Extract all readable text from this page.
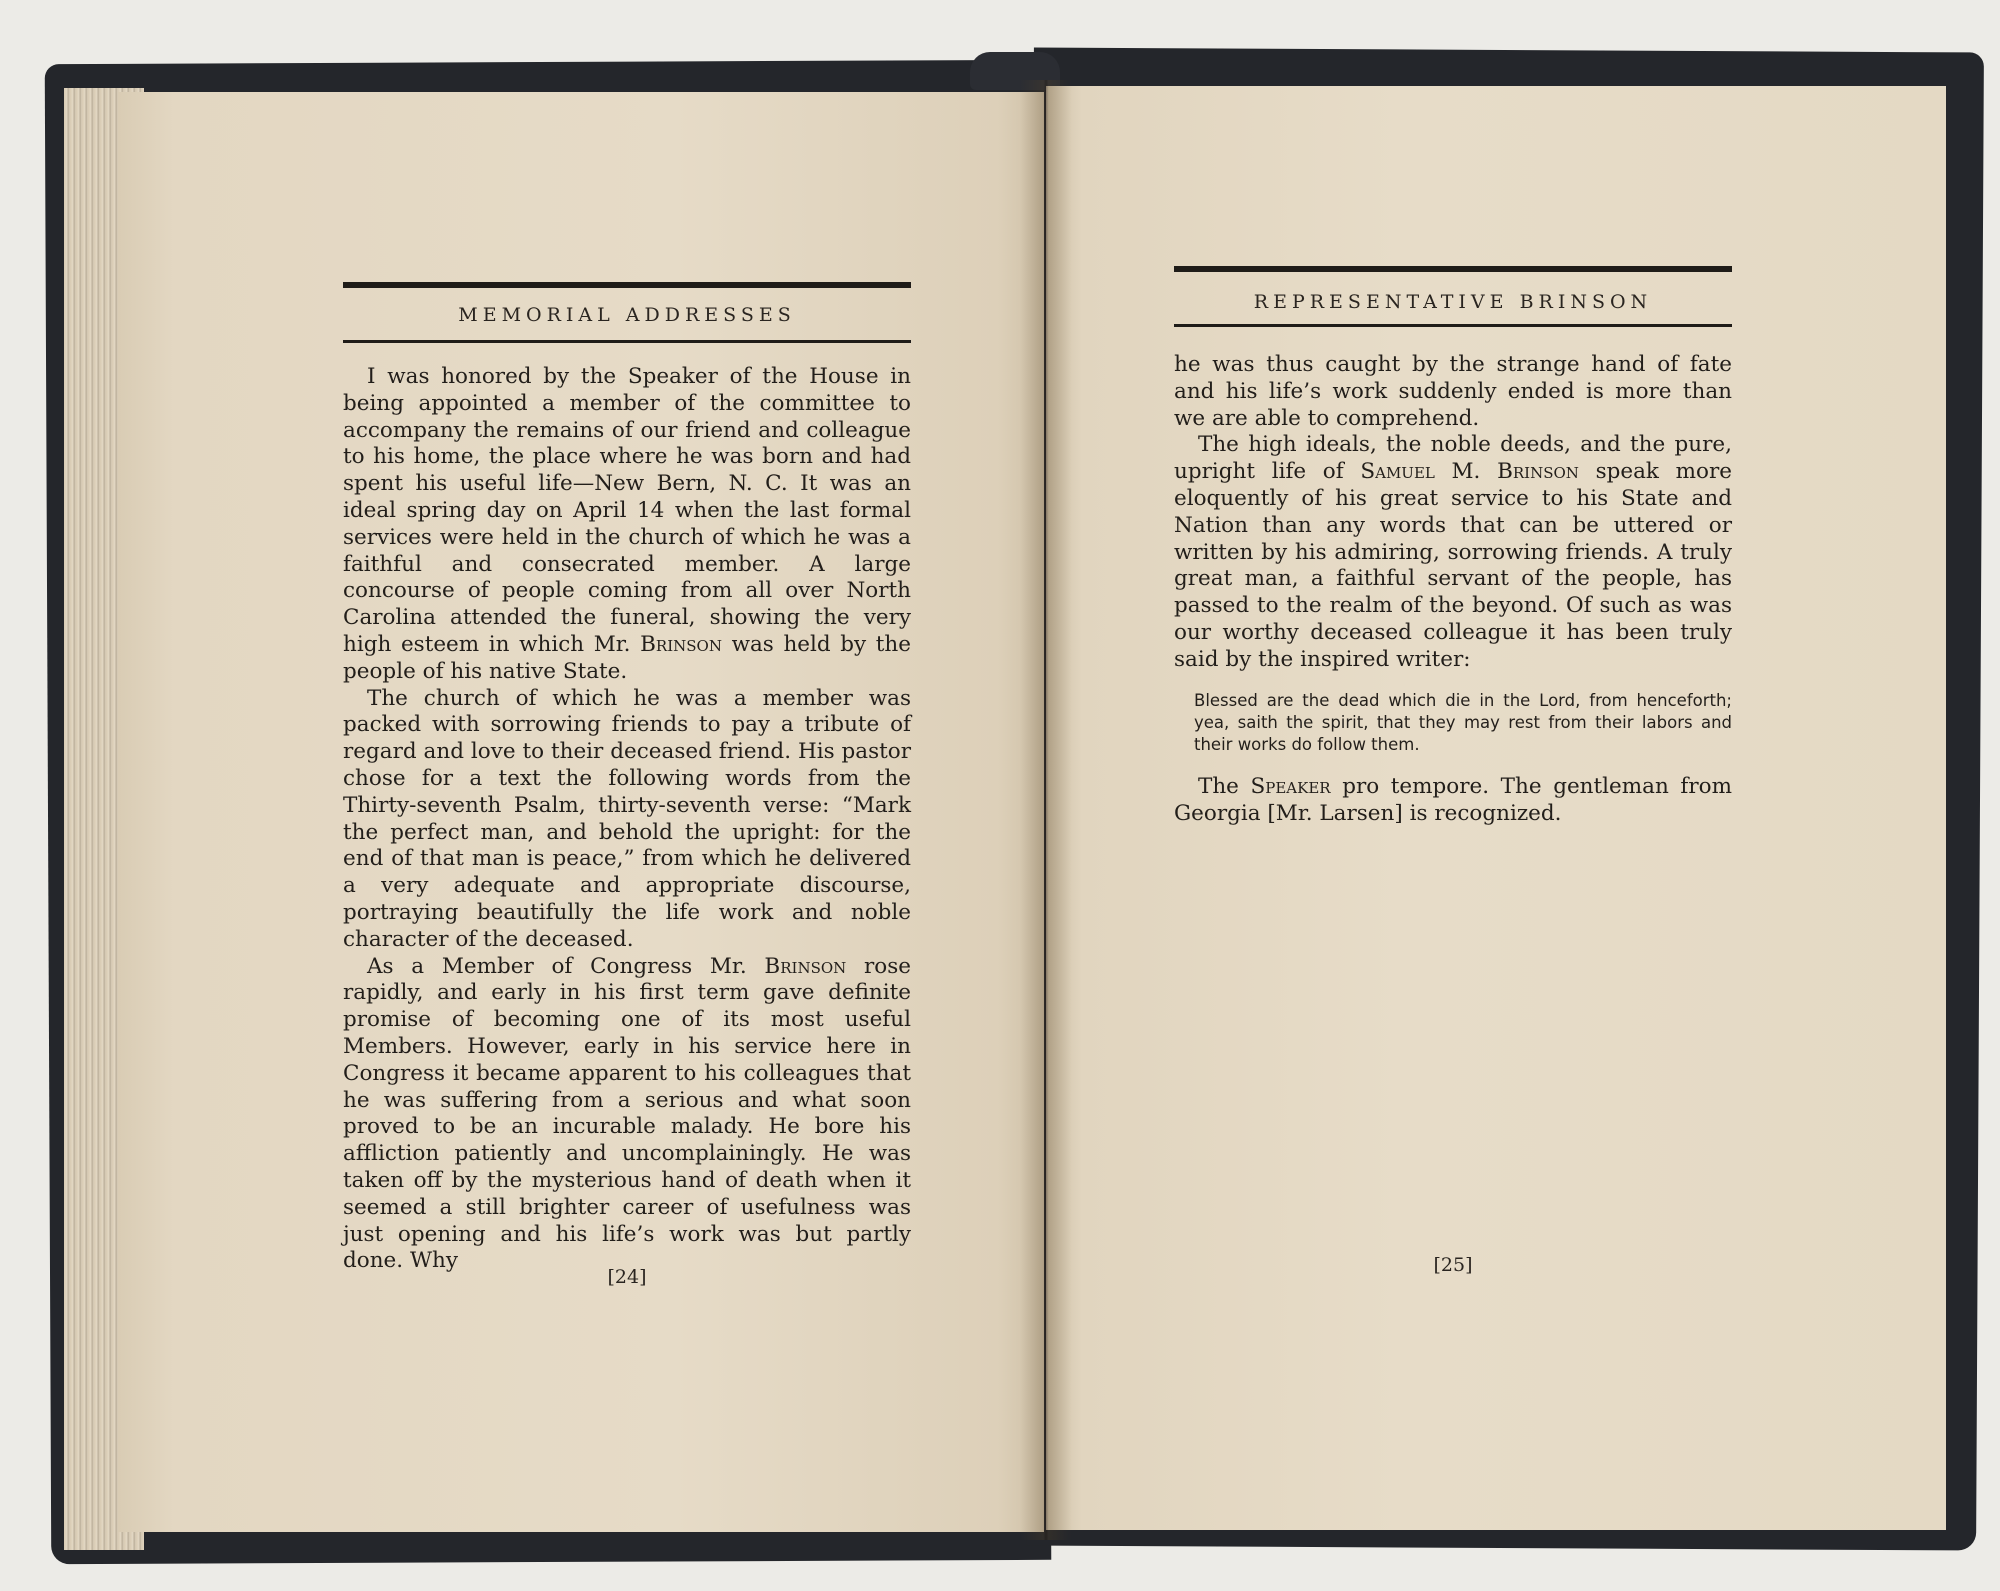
MEMORIAL ADDRESSES

I was honored by the Speaker of the House in being appointed a member of the committee to accompany the remains of our friend and colleague to his home, the place where he was born and had spent his useful life—New Bern, N. C. It was an ideal spring day on April 14 when the last formal services were held in the church of which he was a faithful and consecrated member. A large concourse of people coming from all over North Carolina attended the funeral, showing the very high esteem in which Mr. Brinson was held by the people of his native State.

The church of which he was a member was packed with sorrowing friends to pay a tribute of regard and love to their deceased friend. His pastor chose for a text the following words from the Thirty-seventh Psalm, thirty-seventh verse: “Mark the perfect man, and behold the upright: for the end of that man is peace,” from which he delivered a very adequate and appropriate discourse, portraying beautifully the life work and noble character of the deceased.

As a Member of Congress Mr. Brinson rose rapidly, and early in his first term gave definite promise of becoming one of its most useful Members. However, early in his service here in Congress it became apparent to his colleagues that he was suffering from a serious and what soon proved to be an incurable malady. He bore his affliction patiently and uncomplainingly. He was taken off by the mysterious hand of death when it seemed a still brighter career of usefulness was just opening and his life’s work was but partly done. Why

[24]
REPRESENTATIVE BRINSON

he was thus caught by the strange hand of fate and his life’s work suddenly ended is more than we are able to comprehend.

The high ideals, the noble deeds, and the pure, upright life of Samuel M. Brinson speak more eloquently of his great service to his State and Nation than any words that can be uttered or written by his admiring, sorrowing friends. A truly great man, a faithful servant of the people, has passed to the realm of the beyond. Of such as was our worthy deceased colleague it has been truly said by the inspired writer:

Blessed are the dead which die in the Lord, from henceforth; yea, saith the spirit, that they may rest from their labors and their works do follow them.

The Speaker pro tempore. The gentleman from Georgia [Mr. Larsen] is recognized.

[25]
